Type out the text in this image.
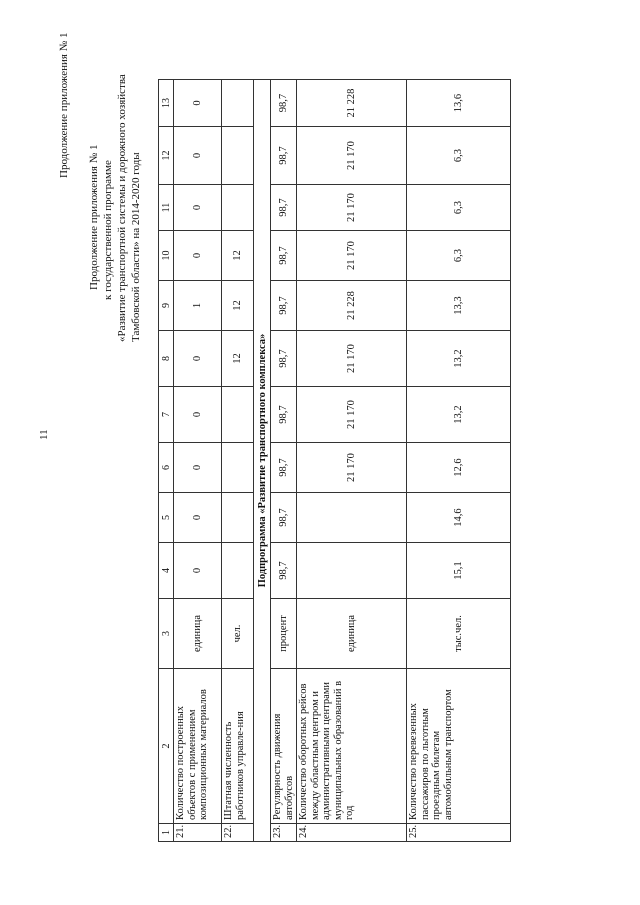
11
Продолжение приложения № 1
Продолжение приложения № 1 к государственной программе «Развитие транспортной системы и дорожного хозяйства Тамбовской области» на 2014-2020 годы
1	2	3	4	5	6	7	8	9	10	11	12	13
21.	Количество построенных объектов с применением композиционных материалов	единица	0	0	0	0	0	1	0	0	0	0
22.	Штатная численность работников управле-ния	чел.					12	12	12			
Подпрограмма «Развитие транспортного комплекса»												
23.	Регулярность движения автобусов	процент	98,7	98,7	98,7	98,7	98,7	98,7	98,7	98,7	98,7	98,7
24.	Количество оборотных рейсов между областным центром и административными центрами муниципальных образований в год	единица			21 170	21 170	21 170	21 228	21 170	21 170	21 170	21 228
25.	Количество перевезенных пассажиров по льготным проездным билетам автомобильным транспортом	тыс.чел.	15,1	14,6	12,6	13,2	13,2	13,3	6,3	6,3	6,3	13,6
